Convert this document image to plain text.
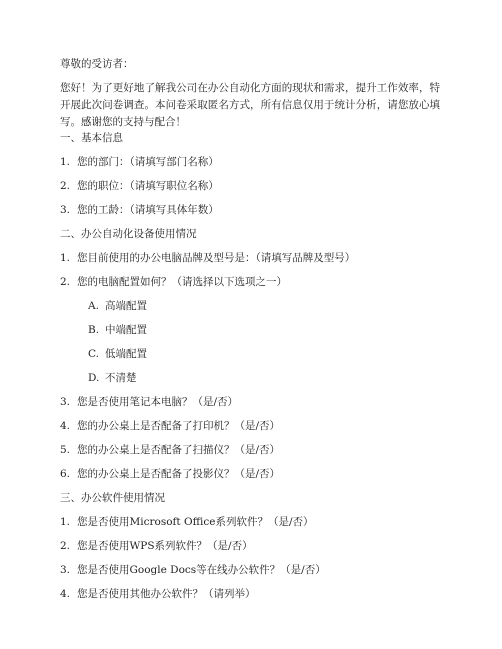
尊敬的受访者：
您好！为了更好地了解我公司在办公自动化方面的现状和需求，提升工作效率，特开展此次问卷调查。本问卷采取匿名方式，所有信息仅用于统计分析，请您放心填写。感谢您的支持与配合！
一、基本信息
1. 您的部门：（请填写部门名称）
2. 您的职位：（请填写职位名称）
3. 您的工龄：（请填写具体年数）
二、办公自动化设备使用情况
1. 您目前使用的办公电脑品牌及型号是：（请填写品牌及型号）
2. 您的电脑配置如何？（请选择以下选项之一）
A. 高端配置
B. 中端配置
C. 低端配置
D. 不清楚
3. 您是否使用笔记本电脑？（是/否）
4. 您的办公桌上是否配备了打印机？（是/否）
5. 您的办公桌上是否配备了扫描仪？（是/否）
6. 您的办公桌上是否配备了投影仪？（是/否）
三、办公软件使用情况
1. 您是否使用Microsoft Office系列软件？（是/否）
2. 您是否使用WPS系列软件？（是/否）
3. 您是否使用Google Docs等在线办公软件？（是/否）
4. 您是否使用其他办公软件？（请列举）
